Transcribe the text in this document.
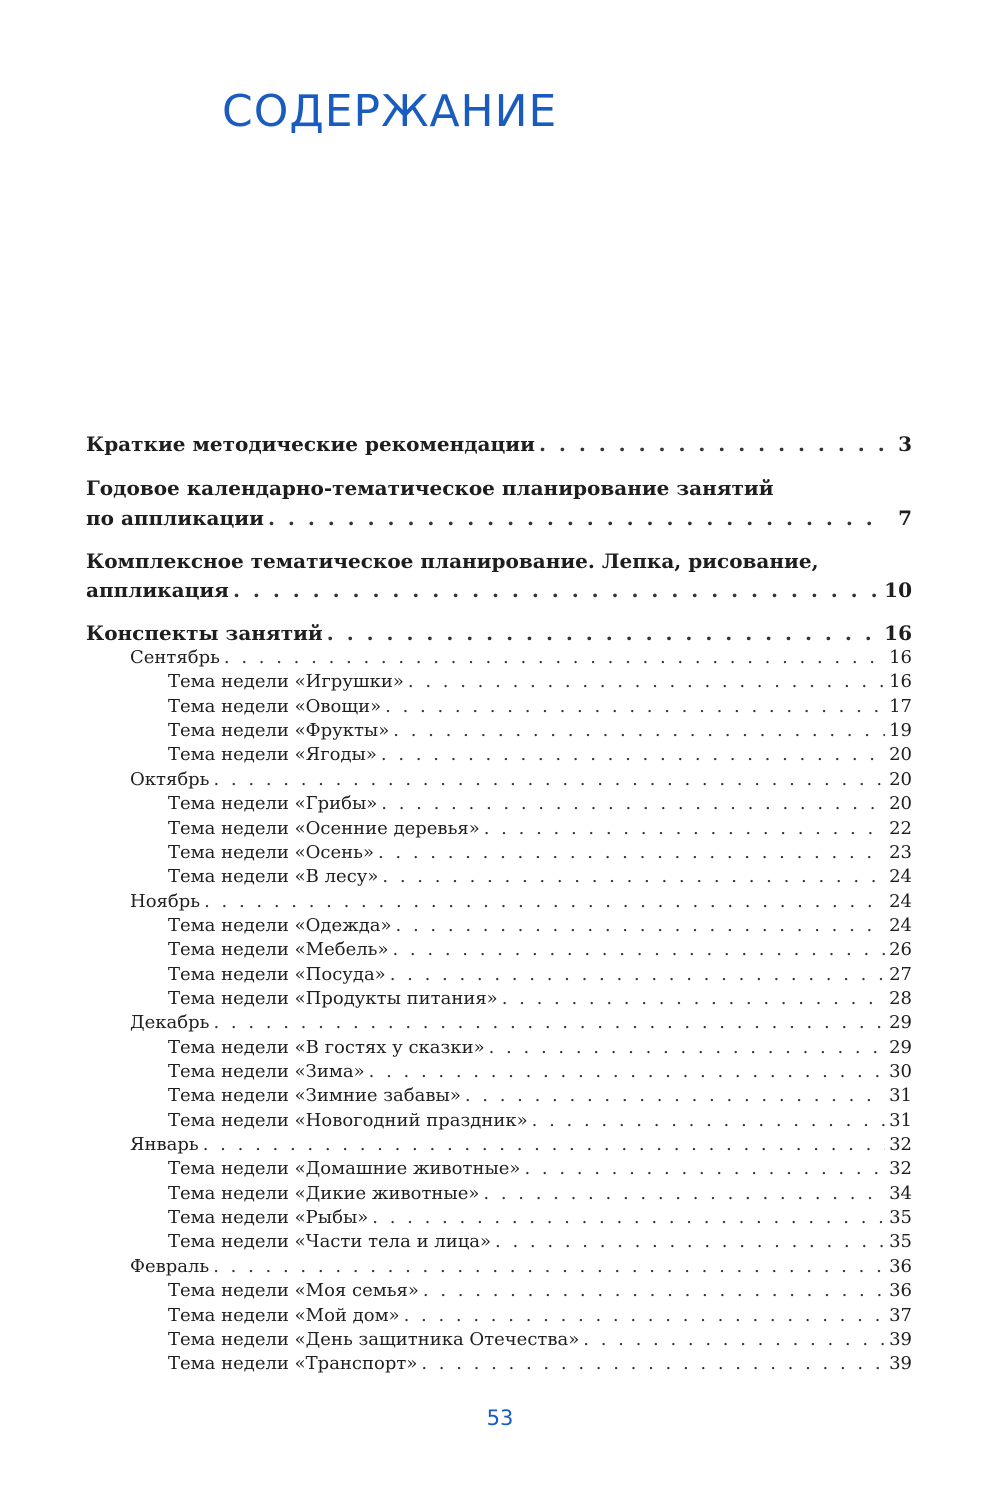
СОДЕРЖАНИЕ
Краткие методические рекомендации . . .	3
Годовое календарно-тематическое планирование занятий
по аппликации . . .	7
Комплексное тематическое планирование. Лепка, рисование,
аппликация . . .	10
Конспекты занятий . . .	16
Сентябрь . . .	16
Тема недели «Игрушки» . . .	16
Тема недели «Овощи» . . .	17
Тема недели «Фрукты» . . .	19
Тема недели «Ягоды» . . .	20
Октябрь . . .	20
Тема недели «Грибы» . . .	20
Тема недели «Осенние деревья» . . .	22
Тема недели «Осень» . . .	23
Тема недели «В лесу» . . .	24
Ноябрь . . .	24
Тема недели «Одежда» . . .	24
Тема недели «Мебель» . . .	26
Тема недели «Посуда» . . .	27
Тема недели «Продукты питания» . . .	28
Декабрь . . .	29
Тема недели «В гостях у сказки» . . .	29
Тема недели «Зима» . . .	30
Тема недели «Зимние забавы» . . .	31
Тема недели «Новогодний праздник» . . .	31
Январь . . .	32
Тема недели «Домашние животные» . . .	32
Тема недели «Дикие животные» . . .	34
Тема недели «Рыбы» . . .	35
Тема недели «Части тела и лица» . . .	35
Февраль . . .	36
Тема недели «Моя семья» . . .	36
Тема недели «Мой дом» . . .	37
Тема недели «День защитника Отечества» . . .	39
Тема недели «Транспорт» . . .	39
53
